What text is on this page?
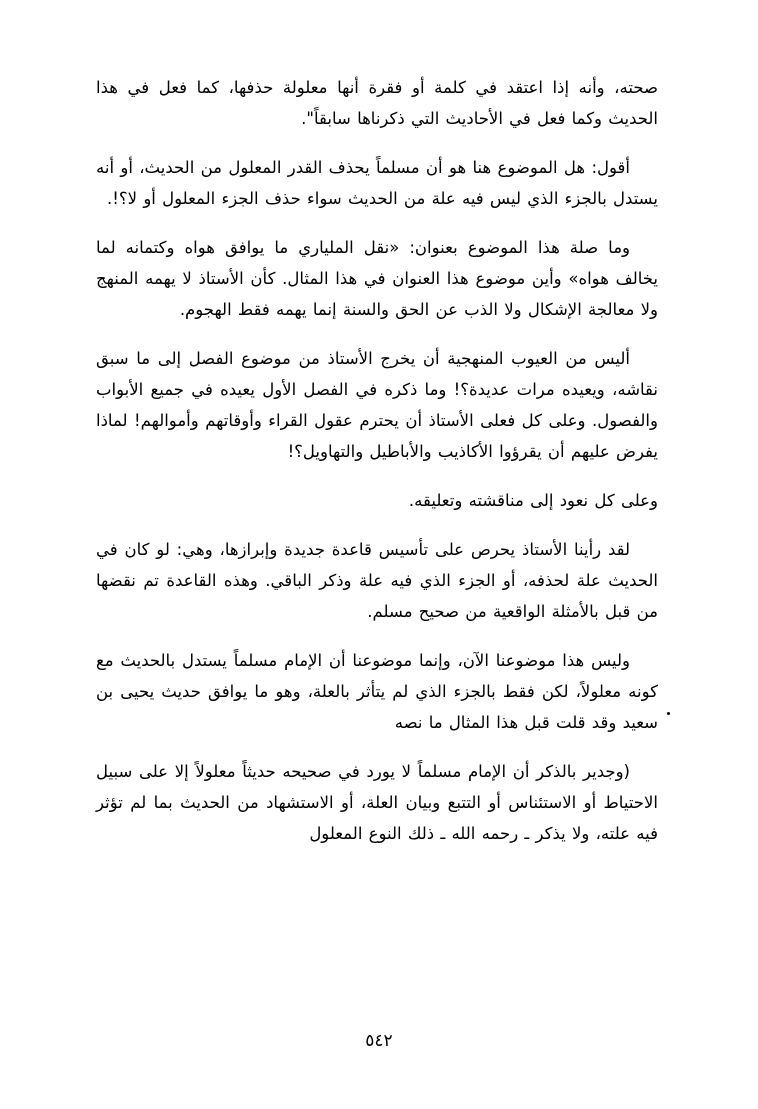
صحته، وأنه إذا اعتقد في كلمة أو فقرة أنها معلولة حذفها، كما فعل في هذا الحديث وكما فعل في الأحاديث التي ذكرناها سابقاً".

أقول: هل الموضوع هنا هو أن مسلماً يحذف القدر المعلول من الحديث، أو أنه يستدل بالجزء الذي ليس فيه علة من الحديث سواء حذف الجزء المعلول أو لا؟!.

وما صلة هذا الموضوع بعنوان: «نقل الملياري ما يوافق هواه وكتمانه لما يخالف هواه» وأين موضوع هذا العنوان في هذا المثال. كأن الأستاذ لا يهمه المنهج ولا معالجة الإشكال ولا الذب عن الحق والسنة إنما يهمه فقط الهجوم.

أليس من العيوب المنهجية أن يخرج الأستاذ من موضوع الفصل إلى ما سبق نقاشه، ويعيده مرات عديدة؟! وما ذكره في الفصل الأول يعيده في جميع الأبواب والفصول. وعلى كل فعلى الأستاذ أن يحترم عقول القراء وأوقاتهم وأموالهم! لماذا يفرض عليهم أن يقرؤوا الأكاذيب والأباطيل والتهاويل؟!

وعلى كل نعود إلى مناقشته وتعليقه.

لقد رأينا الأستاذ يحرص على تأسيس قاعدة جديدة وإبرازها، وهي: لو كان في الحديث علة لحذفه، أو الجزء الذي فيه علة وذكر الباقي. وهذه القاعدة تم نقضها من قبل بالأمثلة الواقعية من صحيح مسلم.

وليس هذا موضوعنا الآن، وإنما موضوعنا أن الإمام مسلماً يستدل بالحديث مع كونه معلولاً، لكن فقط بالجزء الذي لم يتأثر بالعلة، وهو ما يوافق حديث يحيى بن سعيد وقد قلت قبل هذا المثال ما نصه

(وجدير بالذكر أن الإمام مسلماً لا يورد في صحيحه حديثاً معلولاً إلا على سبيل الاحتياط أو الاستئناس أو التتبع وبيان العلة، أو الاستشهاد من الحديث بما لم تؤثر فيه علته، ولا يذكر ـ رحمه الله ـ ذلك النوع المعلول

٥٤٢
